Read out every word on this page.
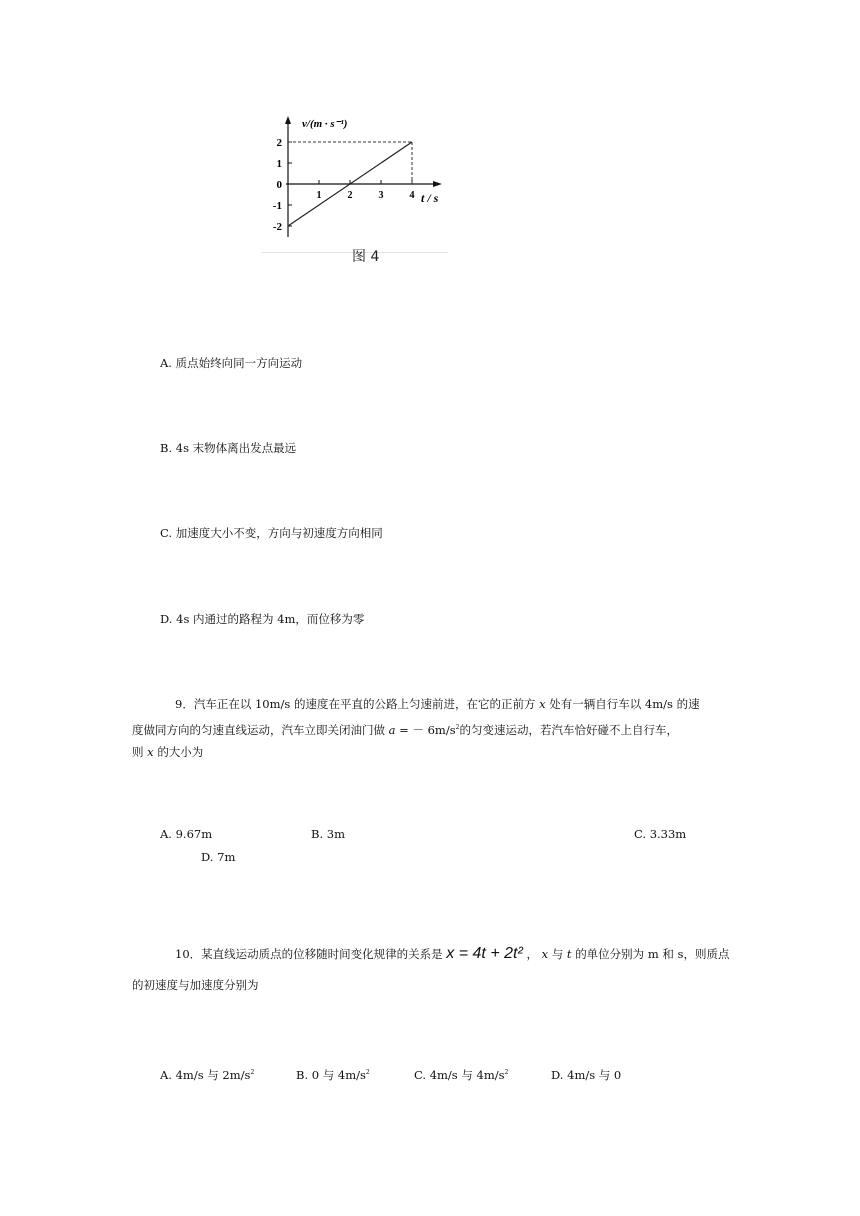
2
1
0
-1
-2
1	2	3	4
v/(m · s⁻¹)
t / s
图 4
A. 质点始终向同一方向运动
B. 4s 末物体离出发点最远
C. 加速度大小不变，方向与初速度方向相同
D. 4s 内通过的路程为 4m，而位移为零
9．汽车正在以 10m/s 的速度在平直的公路上匀速前进，在它的正前方 x 处有一辆自行车以 4m/s 的速
度做同方向的匀速直线运动，汽车立即关闭油门做 a = － $6m/s^2$的匀变速运动，若汽车恰好碰不上自行车，
则 x 的大小为
A. 9.67m	B. 3m	C. 3.33m
D. 7m
10．某直线运动质点的位移随时间变化规律的关系是 x = 4t + 2t² ， x 与 t 的单位分别为 m 和 s，则质点
的初速度与加速度分别为
A. 4m/s 与 $2m/s^2$	B. 0 与 $4m/s^2$	C. 4m/s 与 $4m/s^2$	D. 4m/s 与 0
